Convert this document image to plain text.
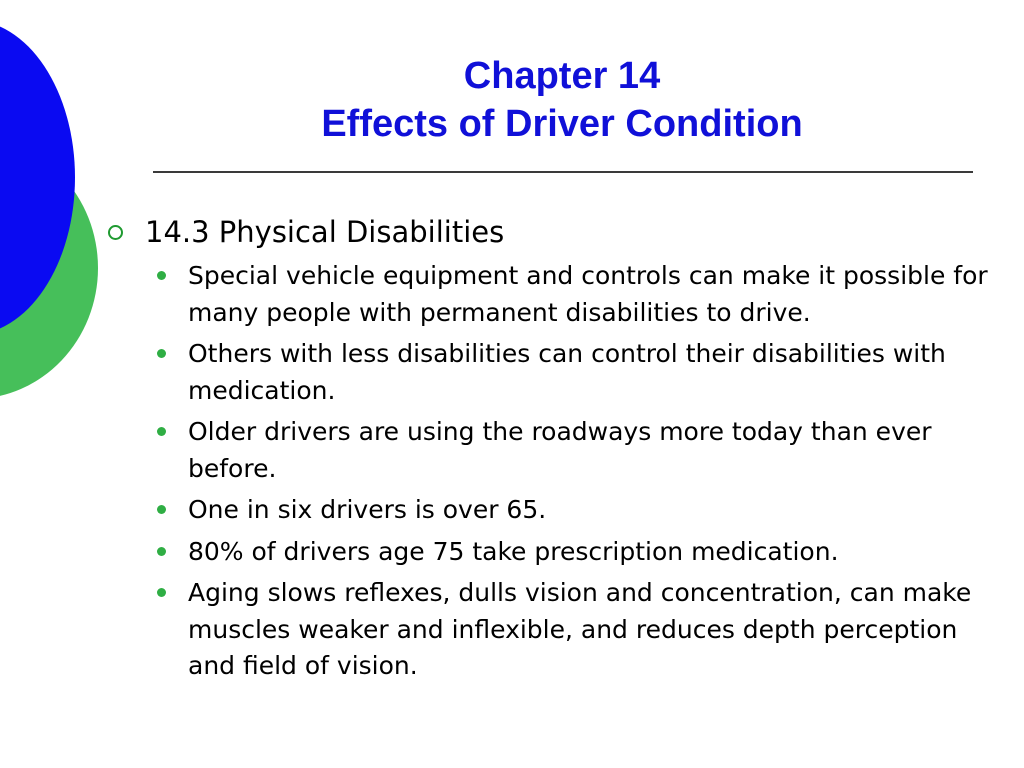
Chapter 14
Effects of Driver Condition
14.3 Physical Disabilities
Special vehicle equipment and controls can make it possible for many people with permanent disabilities to drive.
Others with less disabilities can control their disabilities with medication.
Older drivers are using the roadways more today than ever before.
One in six drivers is over 65.
80% of drivers age 75 take prescription medication.
Aging slows reflexes, dulls vision and concentration, can make muscles weaker and inflexible, and reduces depth perception and field of vision.
